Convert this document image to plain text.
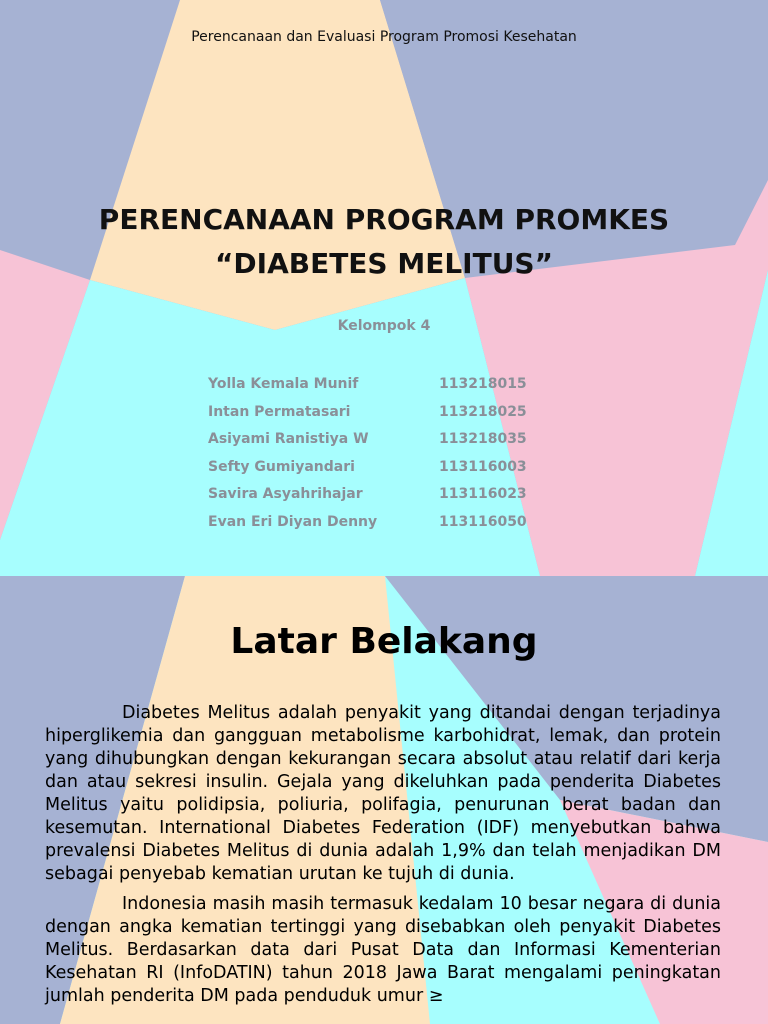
Perencanaan dan Evaluasi Program Promosi Kesehatan
PERENCANAAN PROGRAM PROMKES
“DIABETES MELITUS”
Kelompok 4
Yolla Kemala Munif	113218015
Intan Permatasari	113218025
Asiyami Ranistiya W	113218035
Sefty Gumiyandari	113116003
Savira Asyahrihajar	113116023
Evan Eri Diyan Denny	113116050
Latar Belakang

Diabetes Melitus adalah penyakit yang ditandai dengan terjadinya hiperglikemia dan gangguan metabolisme karbohidrat, lemak, dan protein yang dihubungkan dengan kekurangan secara absolut atau relatif dari kerja dan atau sekresi insulin. Gejala yang dikeluhkan pada penderita Diabetes Melitus yaitu polidipsia, poliuria, polifagia, penurunan berat badan dan kesemutan. International Diabetes Federation (IDF) menyebutkan bahwa prevalensi Diabetes Melitus di dunia adalah 1,9% dan telah menjadikan DM sebagai penyebab kematian urutan ke tujuh di dunia.

Indonesia masih masih termasuk kedalam 10 besar negara di dunia dengan angka kematian tertinggi yang disebabkan oleh penyakit Diabetes Melitus. Berdasarkan data dari Pusat Data dan Informasi Kementerian Kesehatan RI (InfoDATIN) tahun 2018 Jawa Barat mengalami peningkatan jumlah penderita DM pada penduduk umur ≥
